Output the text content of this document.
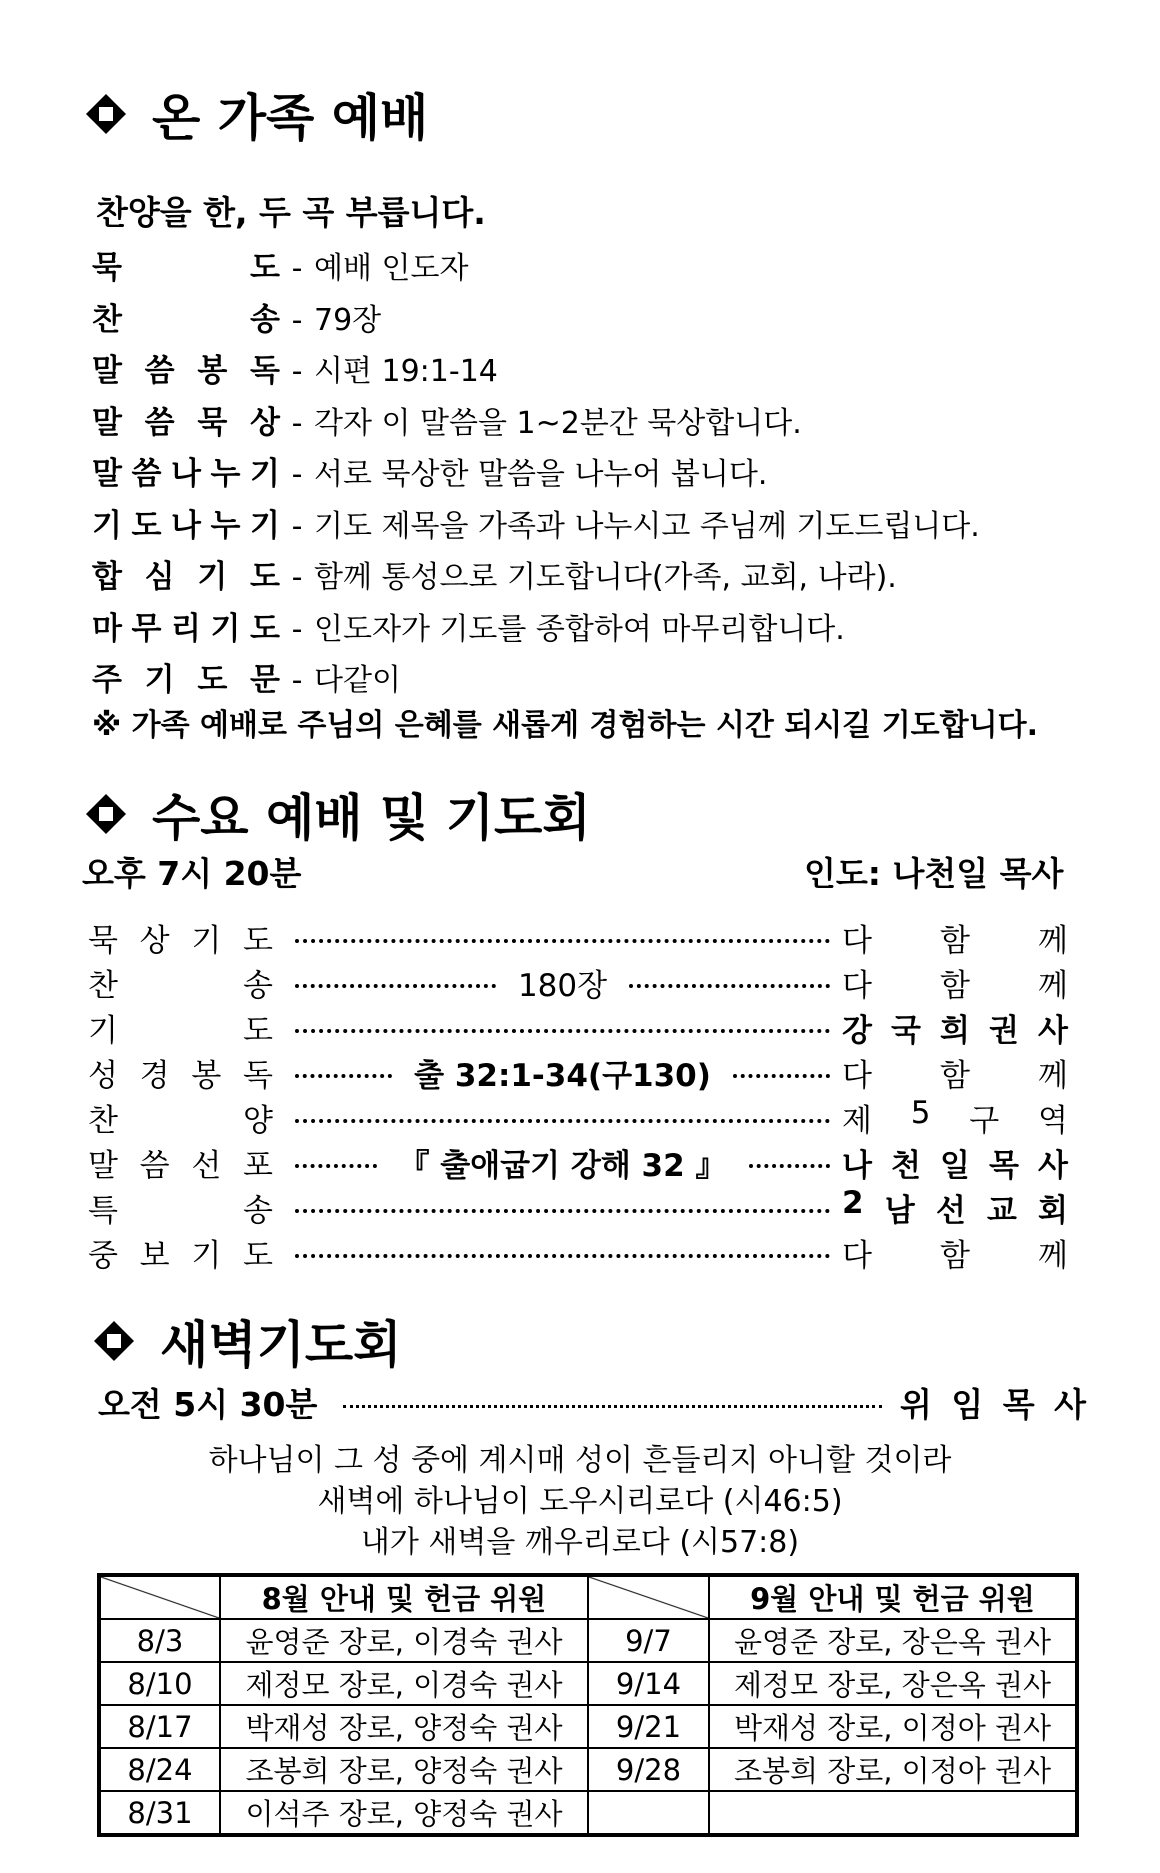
온 가족 예배
찬양을 한, 두 곡 부릅니다.
묵	도 - 예배 인도자
찬	송 - 79장
말 씀 봉 독 - 시편 19:1-14
말 씀 묵 상 - 각자 이 말씀을 1~2분간 묵상합니다.
말 씀 나 누 기 - 서로 묵상한 말씀을 나누어 봅니다.
기 도 나 누 기 - 기도 제목을 가족과 나누시고 주님께 기도드립니다.
합 심 기 도 - 함께 통성으로 기도합니다(가족, 교회, 나라).
마 무 리 기 도 - 인도자가 기도를 종합하여 마무리합니다.
주 기 도 문 - 다같이
※ 가족 예배로 주님의 은혜를 새롭게 경험하는 시간 되시길 기도합니다.
수요 예배 및 기도회
오후 7시 20분	인도: 나천일 목사
묵 상 기 도	다 함 께
찬	송	180장	다 함 께
기	도	강 국 희 권 사
성 경 봉 독	출 32:1-34(구130)	다 함 께
찬	양	제 5 구 역
말 씀 선 포	『 출애굽기 강해 32 』	나 천 일 목 사
특	송	2 남 선 교 회
중 보 기 도	다 함 께
새벽기도회
오전 5시 30분	위 임 목 사
하나님이 그 성 중에 계시매 성이 흔들리지 아니할 것이라
새벽에 하나님이 도우시리로다 (시46:5)
내가 새벽을 깨우리로다 (시57:8)
	8월 안내 및 헌금 위원		9월 안내 및 헌금 위원
8/3	윤영준 장로, 이경숙 권사	9/7	윤영준 장로, 장은옥 권사
8/10	제정모 장로, 이경숙 권사	9/14	제정모 장로, 장은옥 권사
8/17	박재성 장로, 양정숙 권사	9/21	박재성 장로, 이정아 권사
8/24	조봉희 장로, 양정숙 권사	9/28	조봉희 장로, 이정아 권사
8/31	이석주 장로, 양정숙 권사		
